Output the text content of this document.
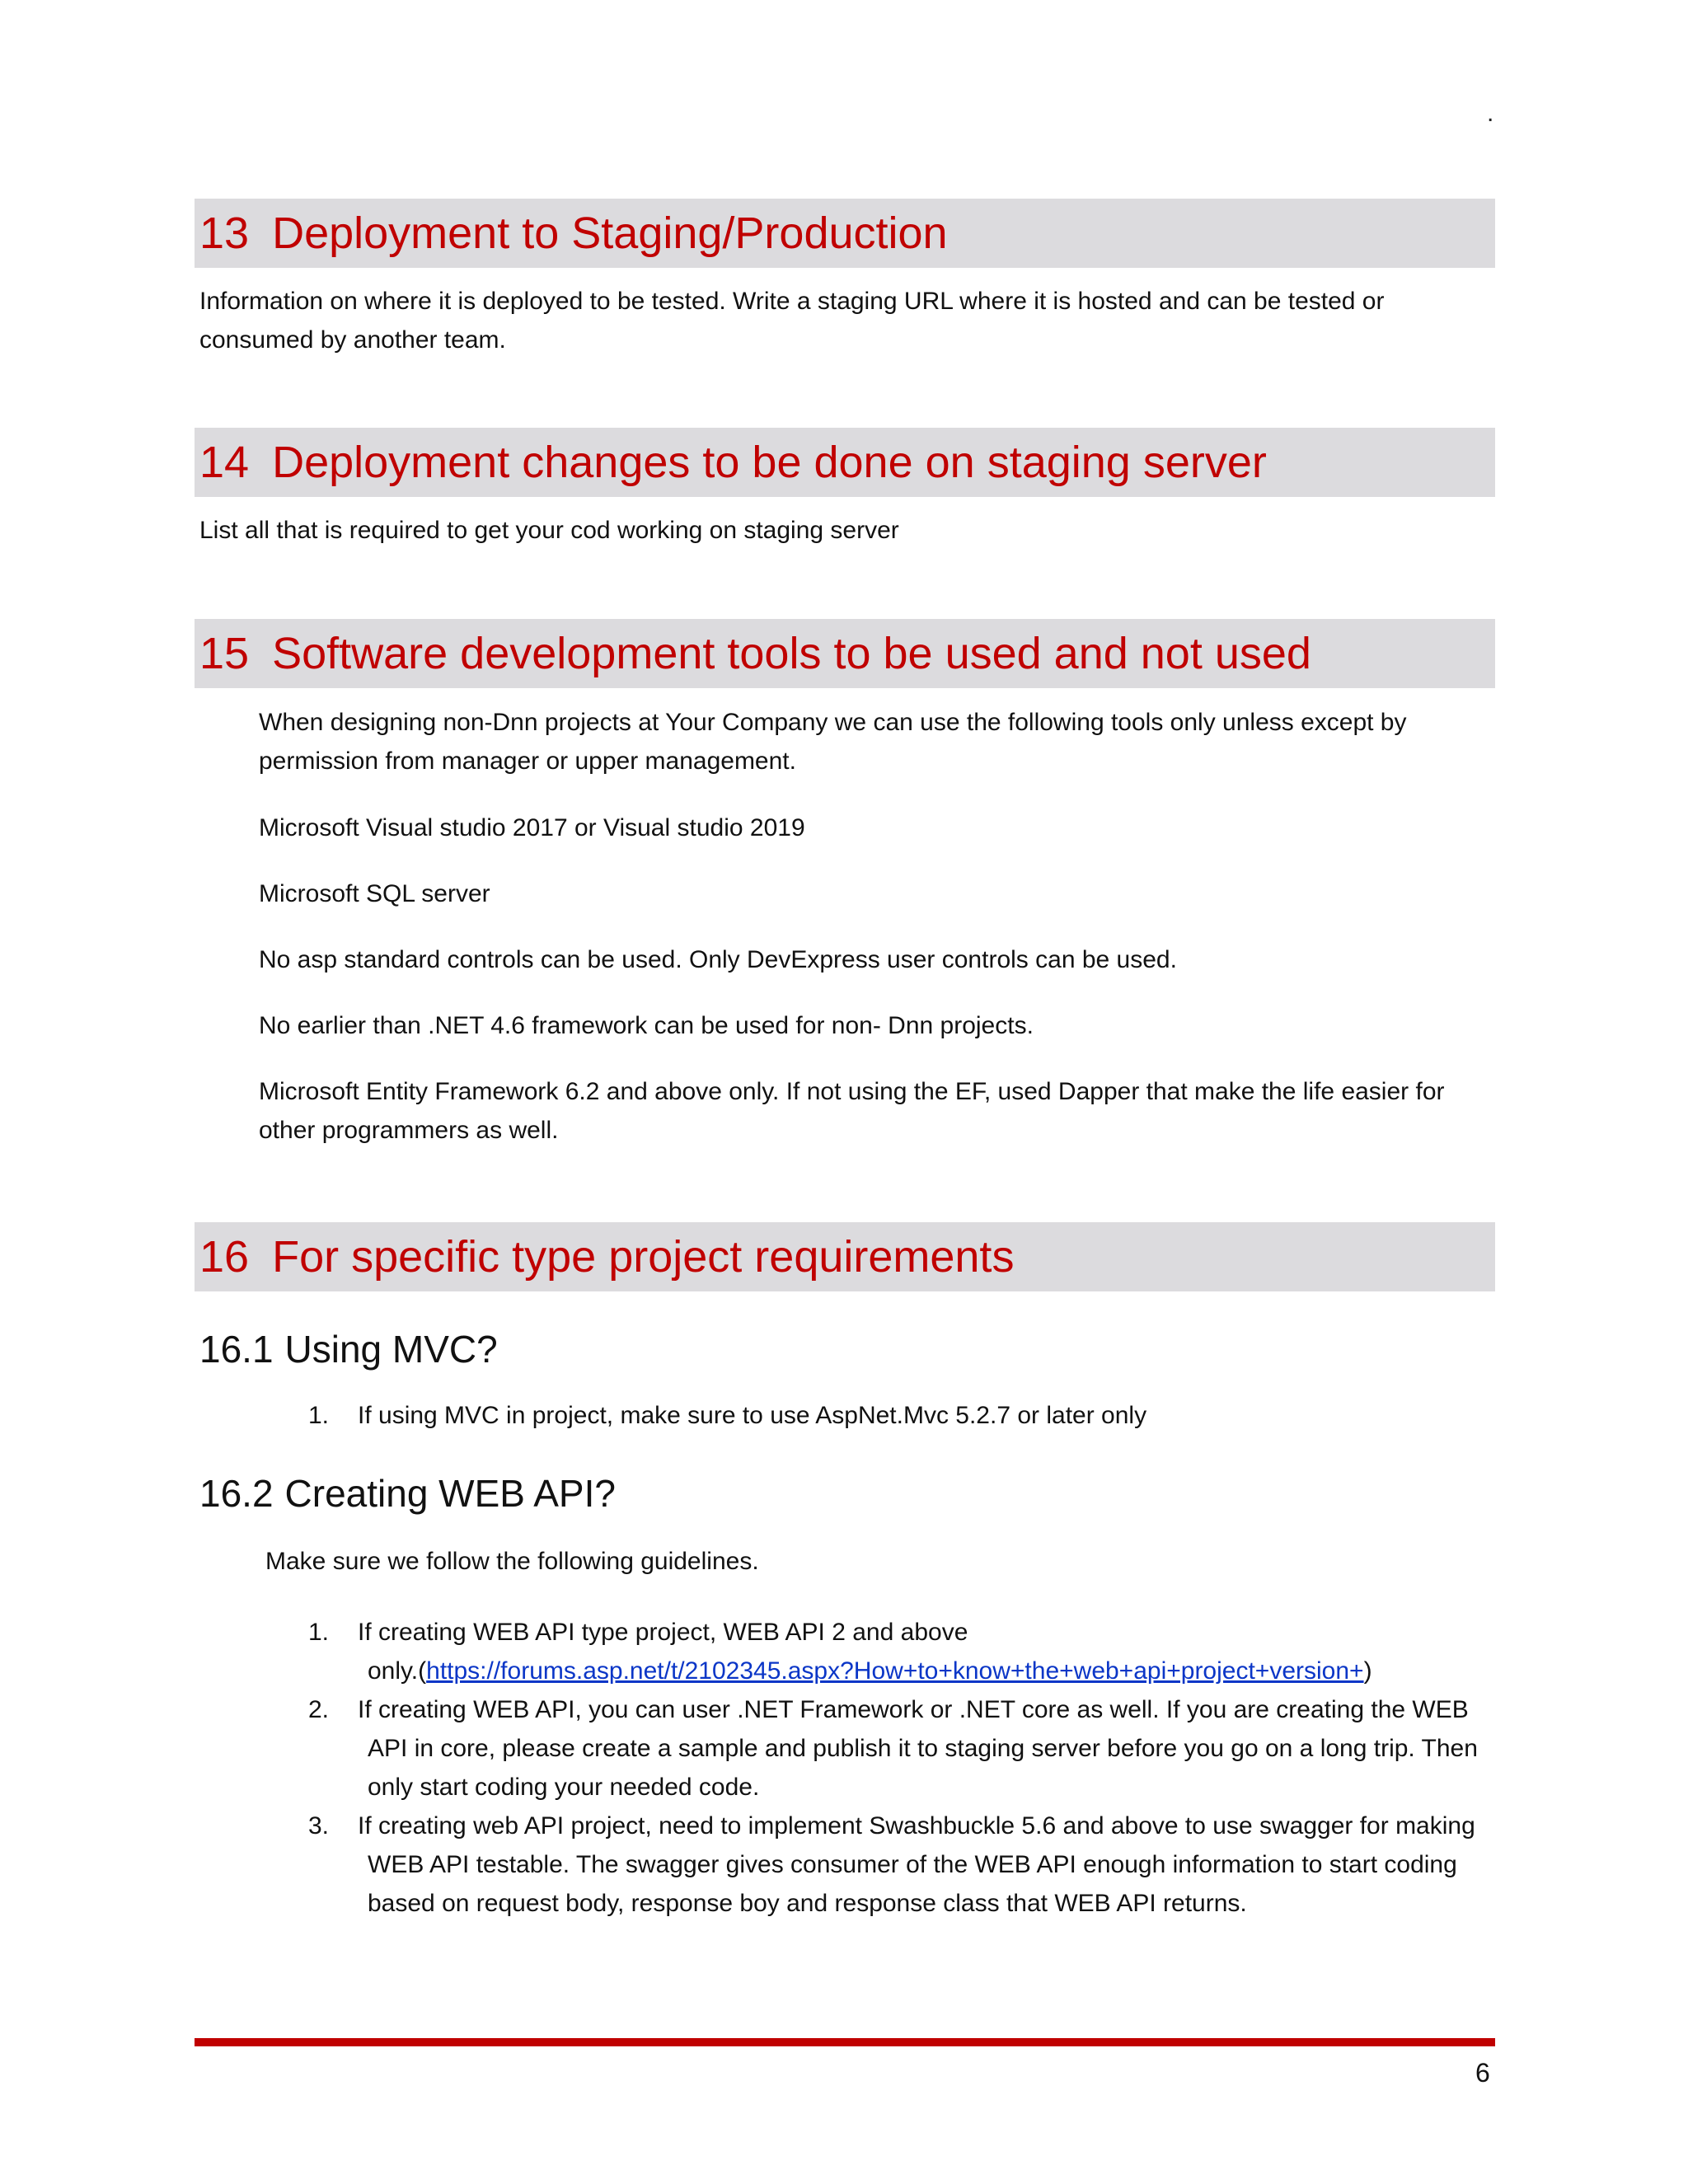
.
13 Deployment to Staging/Production
Information on where it is deployed to be tested. Write a staging URL where it is hosted and can be tested or
consumed by another team.
14 Deployment changes to be done on staging server
List all that is required to get your cod working on staging server
15 Software development tools to be used and not used
When designing non-Dnn projects at Your Company we can use the following tools only unless except by
permission from manager or upper management.
Microsoft Visual studio 2017 or Visual studio 2019
Microsoft SQL server
No asp standard controls can be used. Only DevExpress user controls can be used.
No earlier than .NET 4.6 framework can be used for non- Dnn projects.
Microsoft Entity Framework 6.2 and above only. If not using the EF, used Dapper that make the life easier for
other programmers as well.
16 For specific type project requirements
16.1 Using MVC?
1. If using MVC in project, make sure to use AspNet.Mvc 5.2.7 or later only
16.2 Creating WEB API?
Make sure we follow the following guidelines.
1. If creating WEB API type project, WEB API 2 and above
only.(https://forums.asp.net/t/2102345.aspx?How+to+know+the+web+api+project+version+)
2. If creating WEB API, you can user .NET Framework or .NET core as well. If you are creating the WEB
API in core, please create a sample and publish it to staging server before you go on a long trip. Then
only start coding your needed code.
3. If creating web API project, need to implement Swashbuckle 5.6 and above to use swagger for making
WEB API testable. The swagger gives consumer of the WEB API enough information to start coding
based on request body, response boy and response class that WEB API returns.
6
